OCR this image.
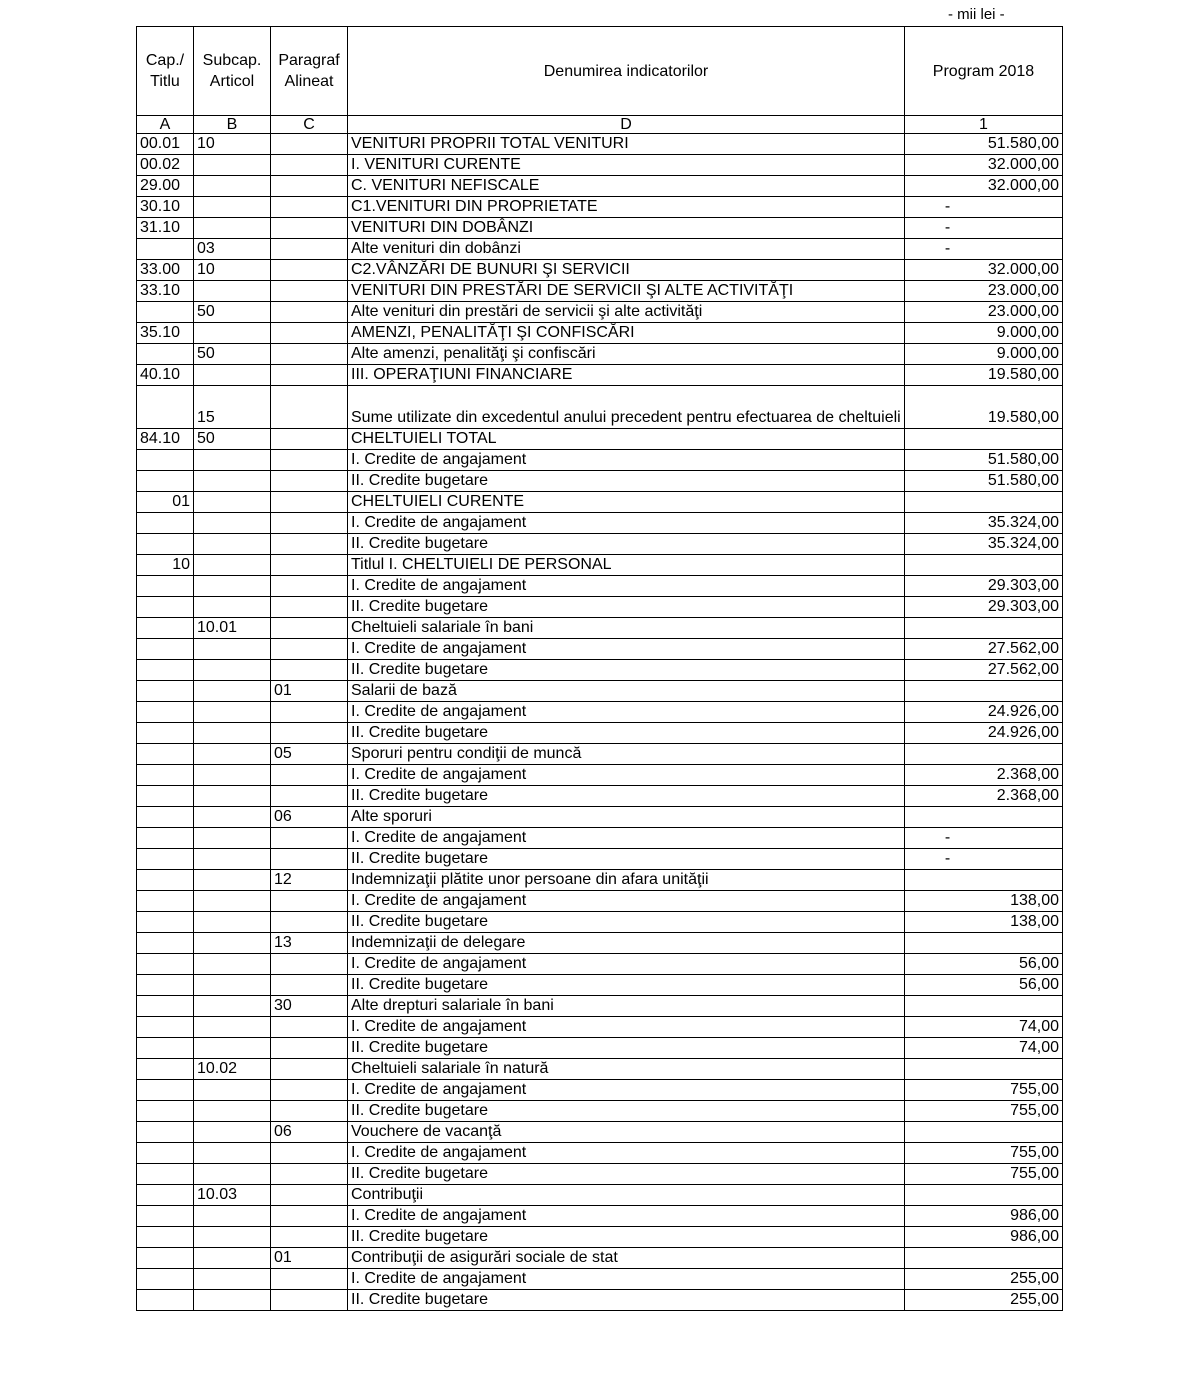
- mii lei -
Cap./ Titlu	Subcap. Articol	Paragraf Alineat	Denumirea indicatorilor	Program 2018
A	B	C	D	1
00.01	10		VENITURI PROPRII TOTAL VENITURI	51.580,00
00.02			I. VENITURI CURENTE	32.000,00
29.00			C. VENITURI NEFISCALE	32.000,00
30.10			C1.VENITURI DIN PROPRIETATE	-
31.10			VENITURI DIN DOBÂNZI	-
	03		Alte venituri din dobânzi	-
33.00	10		C2.VÂNZĂRI DE BUNURI ŞI SERVICII	32.000,00
33.10			VENITURI DIN PRESTĂRI DE SERVICII ŞI ALTE ACTIVITĂŢI	23.000,00
	50		Alte venituri din prestări de servicii şi alte activităţi	23.000,00
35.10			AMENZI, PENALITĂŢI ŞI CONFISCĂRI	9.000,00
	50		Alte amenzi, penalităţi şi confiscări	9.000,00
40.10			III. OPERAŢIUNI FINANCIARE	19.580,00
	15		Sume utilizate din excedentul anului precedent pentru efectuarea de cheltuieli	19.580,00
84.10	50		CHELTUIELI TOTAL	
			I. Credite de angajament	51.580,00
			II. Credite bugetare	51.580,00
01			CHELTUIELI CURENTE	
			I. Credite de angajament	35.324,00
			II. Credite bugetare	35.324,00
10			Titlul I. CHELTUIELI DE PERSONAL	
			I. Credite de angajament	29.303,00
			II. Credite bugetare	29.303,00
	10.01		Cheltuieli salariale în bani	
			I. Credite de angajament	27.562,00
			II. Credite bugetare	27.562,00
		01	Salarii de bază	
			I. Credite de angajament	24.926,00
			II. Credite bugetare	24.926,00
		05	Sporuri pentru condiţii de muncă	
			I. Credite de angajament	2.368,00
			II. Credite bugetare	2.368,00
		06	Alte sporuri	
			I. Credite de angajament	-
			II. Credite bugetare	-
		12	Indemnizaţii plătite unor persoane din afara unităţii	
			I. Credite de angajament	138,00
			II. Credite bugetare	138,00
		13	Indemnizaţii de delegare	
			I. Credite de angajament	56,00
			II. Credite bugetare	56,00
		30	Alte drepturi salariale în bani	
			I. Credite de angajament	74,00
			II. Credite bugetare	74,00
	10.02		Cheltuieli salariale în natură	
			I. Credite de angajament	755,00
			II. Credite bugetare	755,00
		06	Vouchere de vacanţă	
			I. Credite de angajament	755,00
			II. Credite bugetare	755,00
	10.03		Contribuţii	
			I. Credite de angajament	986,00
			II. Credite bugetare	986,00
		01	Contribuţii de asigurări sociale de stat	
			I. Credite de angajament	255,00
			II. Credite bugetare	255,00
